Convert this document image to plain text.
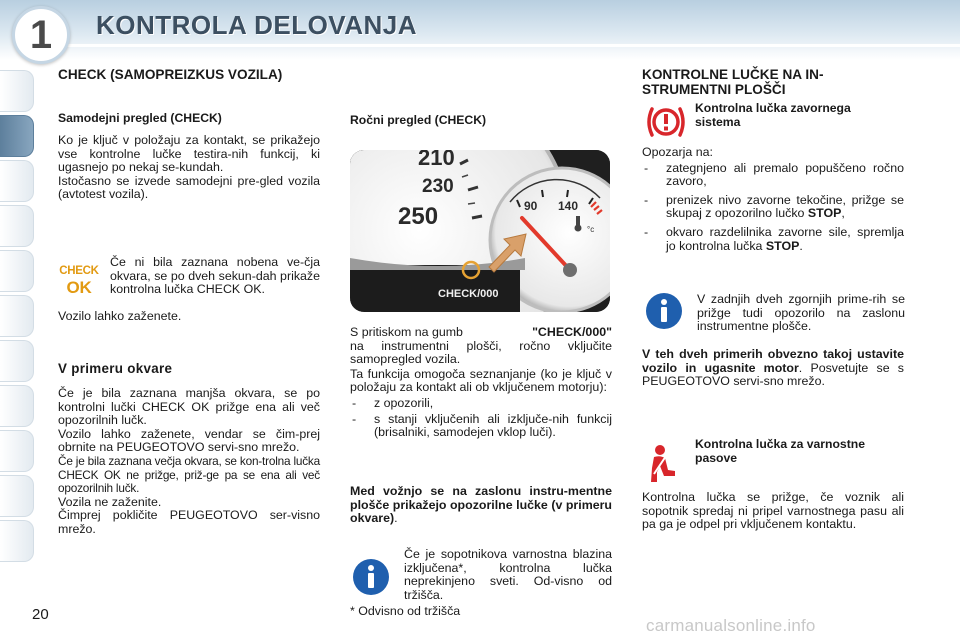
1	KONTROLA DELOVANJA
CHECK (SAMOPREIZKUS VOZILA)
Samodejni pregled (CHECK)

Ko je ključ v položaju za kontakt, se prikažejo vse kontrolne lučke testira-nih funkcij, ki ugasnejo po nekaj se-kundah.

Istočasno se izvede samodejni pre-gled vozila (avtotest vozila).

CHECK
OK
Če ni bila zaznana nobena ve-čja okvara, se po dveh sekun-dah prikaže kontrolna lučka CHECK OK.
Vozilo lahko zaženete.
V primeru okvare

Če je bila zaznana manjša okvara, se po kontrolni lučki CHECK OK prižge ena ali več opozorilnih lučk.

Vozilo lahko zaženete, vendar se čim-prej obrnite na PEUGEOTOVO servi-sno mrežo.

Če je bila zaznana večja okvara, se kon-trolna lučka CHECK OK ne prižge, priž-ge pa se ena ali več opozorilnih lučk.

Vozila ne zaženite.

Čimprej pokličite PEUGEOTOVO ser-visno mrežo.

Ročni pregled (CHECK)
210
230
250	90 140
°c
CHECK/000

S pritiskom na gumb	"CHECK/000"
na instrumentni plošči, ročno vključite samopregled vozila.

Ta funkcija omogoča seznanjanje (ko je ključ v položaju za kontakt ali ob vključenem motorju):

- z opozorili,
- s stanji vključenih ali izključe-nih funkcij (brisalniki, samodejen vklop luči).
Med vožnjo se na zaslonu instru-mentne plošče prikažejo opozorilne lučke (v primeru okvare).
Če je sopotnikova varnostna blazina izključena*, kontrolna lučka neprekinjeno sveti. Od-visno od tržišča.
* Odvisno od tržišča
KONTROLNE LUČKE NA IN-STRUMENTNI PLOŠČI
Kontrolna lučka zavornega sistema

Opozarja na:

- zategnjeno ali premalo popuščeno ročno zavoro,
- prenizek nivo zavorne tekočine, prižge se skupaj z opozorilno lučko STOP,
- okvaro razdelilnika zavorne sile, spremlja jo kontrolna lučka STOP.
V zadnjih dveh zgornjih prime-rih se prižge tudi opozorilo na zaslonu instrumentne plošče.
V teh dveh primerih obvezno takoj ustavite vozilo in ugasnite motor. Posvetujte se s PEUGEOTOVO servi-sno mrežo.
Kontrolna lučka za varnostne pasove
Kontrolna lučka se prižge, če voznik ali sopotnik spredaj ni pripel varnostnega pasu ali pa ga je odpel pri vključenem kontaktu.
20
carmanualsonline.info
